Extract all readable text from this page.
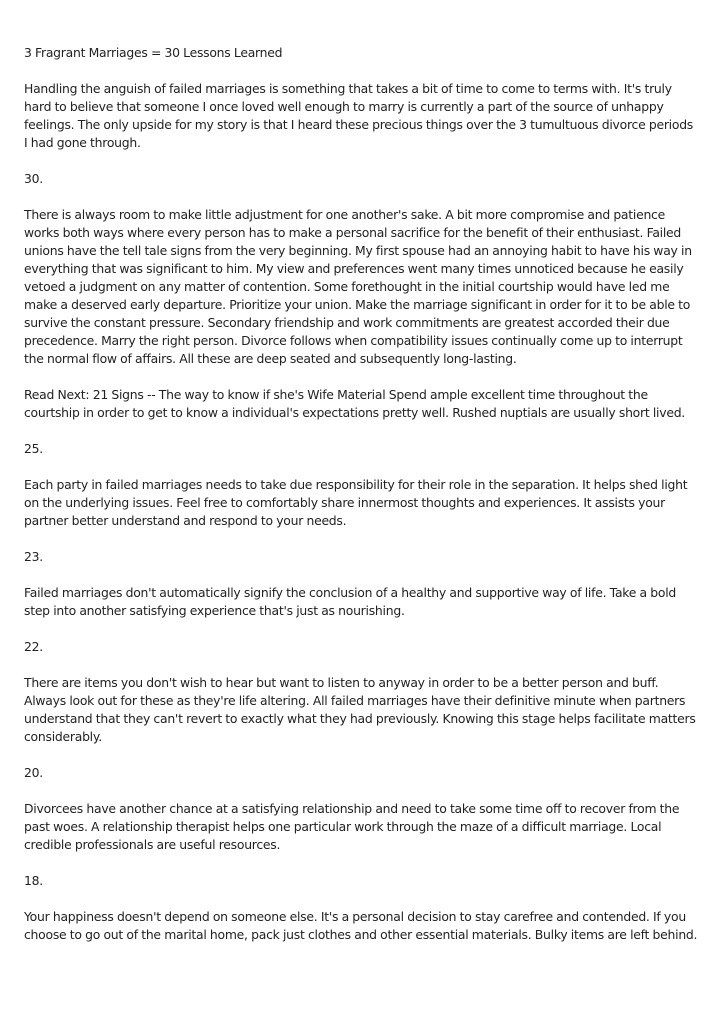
3 Fragrant Marriages = 30 Lessons Learned

Handling the anguish of failed marriages is something that takes a bit of time to come to terms with. It's truly hard to believe that someone I once loved well enough to marry is currently a part of the source of unhappy feelings. The only upside for my story is that I heard these precious things over the 3 tumultuous divorce periods I had gone through.

30.

There is always room to make little adjustment for one another's sake. A bit more compromise and patience works both ways where every person has to make a personal sacrifice for the benefit of their enthusiast. Failed unions have the tell tale signs from the very beginning. My first spouse had an annoying habit to have his way in everything that was significant to him. My view and preferences went many times unnoticed because he easily vetoed a judgment on any matter of contention. Some forethought in the initial courtship would have led me make a deserved early departure. Prioritize your union. Make the marriage significant in order for it to be able to survive the constant pressure. Secondary friendship and work commitments are greatest accorded their due precedence. Marry the right person. Divorce follows when compatibility issues continually come up to interrupt the normal flow of affairs. All these are deep seated and subsequently long-lasting.

Read Next: 21 Signs -- The way to know if she's Wife Material Spend ample excellent time throughout the courtship in order to get to know a individual's expectations pretty well. Rushed nuptials are usually short lived.

25.

Each party in failed marriages needs to take due responsibility for their role in the separation. It helps shed light on the underlying issues. Feel free to comfortably share innermost thoughts and experiences. It assists your partner better understand and respond to your needs.

23.

Failed marriages don't automatically signify the conclusion of a healthy and supportive way of life. Take a bold step into another satisfying experience that's just as nourishing.

22.

There are items you don't wish to hear but want to listen to anyway in order to be a better person and buff. Always look out for these as they're life altering. All failed marriages have their definitive minute when partners understand that they can't revert to exactly what they had previously. Knowing this stage helps facilitate matters considerably.

20.

Divorcees have another chance at a satisfying relationship and need to take some time off to recover from the past woes. A relationship therapist helps one particular work through the maze of a difficult marriage. Local credible professionals are useful resources.

18.

Your happiness doesn't depend on someone else. It's a personal decision to stay carefree and contended. If you choose to go out of the marital home, pack just clothes and other essential materials. Bulky items are left behind.
